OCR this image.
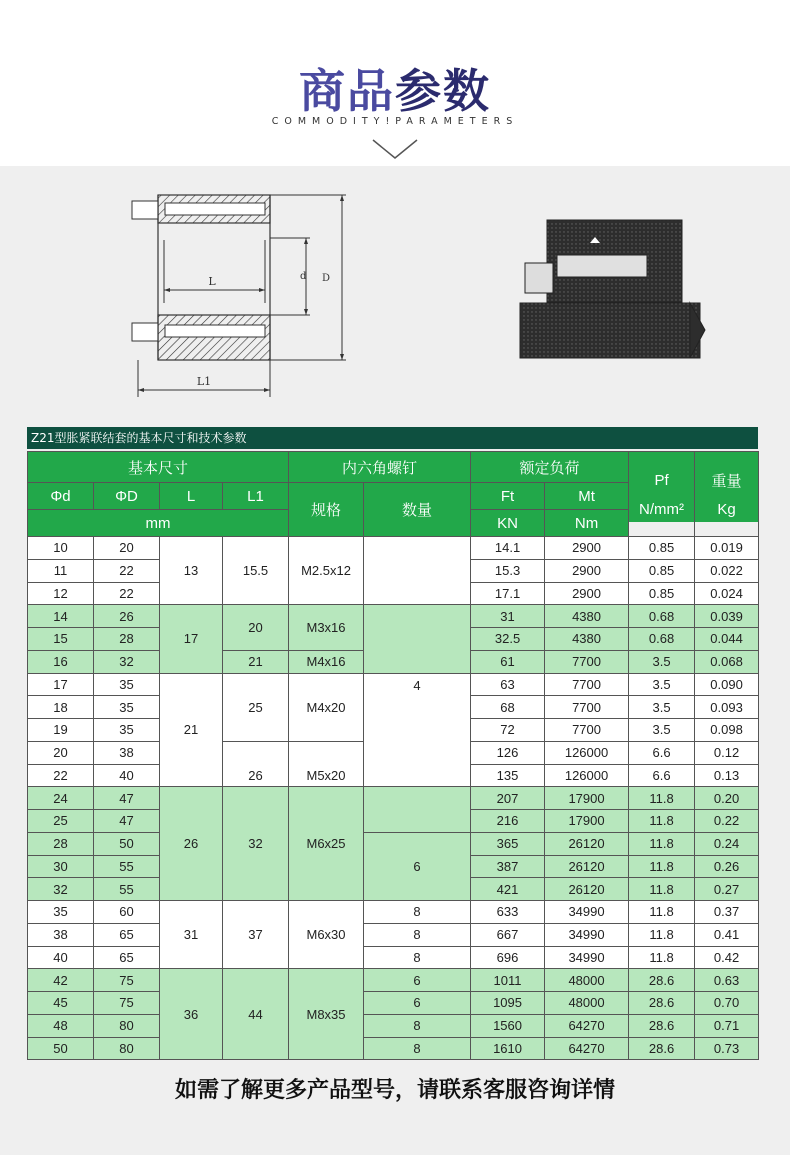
商品参数
COMMODITY!PARAMETERS
L
L1
d D
Z21型胀紧联结套的基本尺寸和技术参数
基本尺寸				内六角螺钉		额定负荷		Pf	重量
Φd	ΦD	L	L1	规格	数量	Ft	Mt		
mm						KN	Nm	N/mm²	Kg
10	20	13	15.5	M2.5x12		14.1	2900	0.85	0.019
11	22					15.3	2900	0.85	0.022
12	22					17.1	2900	0.85	0.024
14	26	17	20	M3x16		31	4380	0.68	0.039
15	28					32.5	4380	0.68	0.044
16	32		21	M4x16		61	7700	3.5	0.068
17	35	21	25	M4x20	4	63	7700	3.5	0.090
18	35					68	7700	3.5	0.093
19	35					72	7700	3.5	0.098
20	38		26	M5x20		126	126000	6.6	0.12
22	40					135	126000	6.6	0.13
24	47	26	32	M6x25		207	17900	11.8	0.20
25	47					216	17900	11.8	0.22
28	50				6	365	26120	11.8	0.24
30	55					387	26120	11.8	0.26
32	55					421	26120	11.8	0.27
35	60	31	37	M6x30	8	633	34990	11.8	0.37
38	65				8	667	34990	11.8	0.41
40	65				8	696	34990	11.8	0.42
42	75	36	44	M8x35	6	1011	48000	28.6	0.63
45	75				6	1095	48000	28.6	0.70
48	80				8	1560	64270	28.6	0.71
50	80				8	1610	64270	28.6	0.73
如需了解更多产品型号，请联系客服咨询详情
